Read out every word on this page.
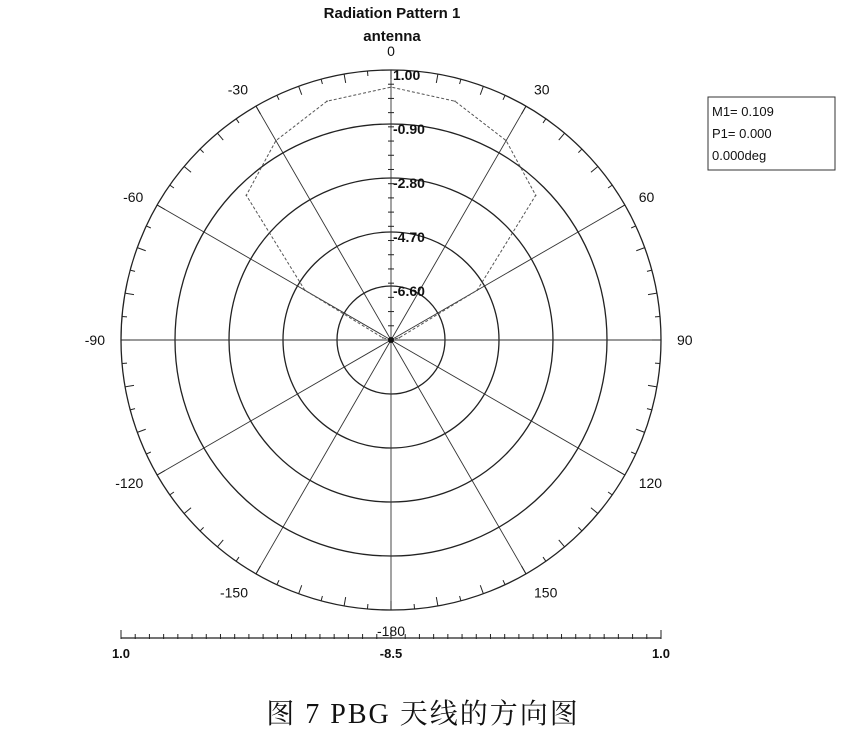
Radiation Pattern 1
antenna
0
30
60
90
120
150
-180
-150
-120
-90
-60
-30
1.00
-0.90
-2.80
-4.70
-6.60
M1= 0.109
P1= 0.000
0.000deg
1.0	-8.5	1.0
图 7 PBG 天线的方向图
